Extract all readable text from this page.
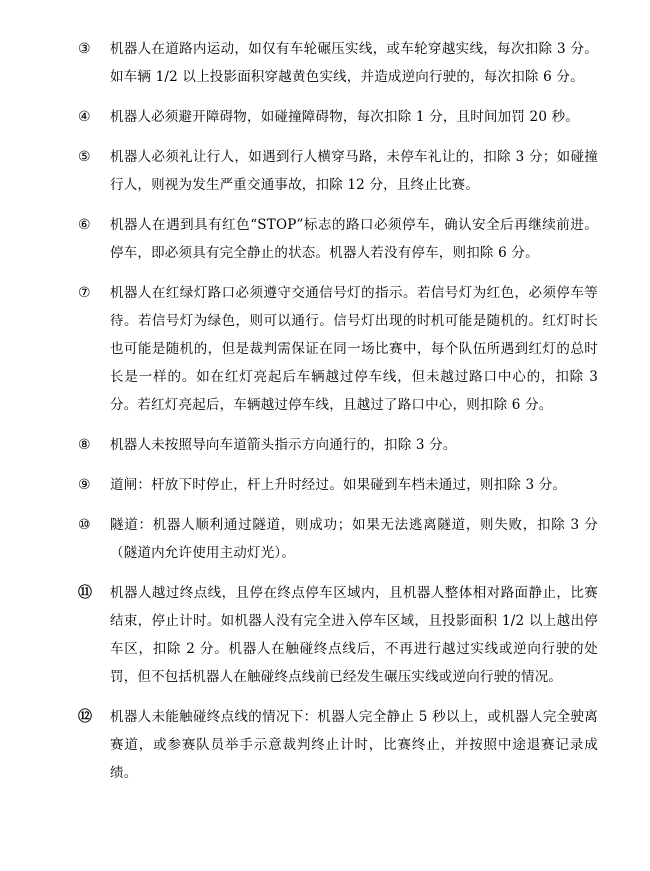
③	机器人在道路内运动，如仅有车轮碾压实线，或车轮穿越实线，每次扣除 3 分。如车辆 1/2 以上投影面积穿越黄色实线，并造成逆向行驶的，每次扣除 6 分。
④	机器人必须避开障碍物，如碰撞障碍物，每次扣除 1 分，且时间加罚 20 秒。
⑤	机器人必须礼让行人，如遇到行人横穿马路，未停车礼让的，扣除 3 分；如碰撞行人，则视为发生严重交通事故，扣除 12 分，且终止比赛。
⑥	机器人在遇到具有红色“STOP”标志的路口必须停车，确认安全后再继续前进。停车，即必须具有完全静止的状态。机器人若没有停车，则扣除 6 分。
⑦	机器人在红绿灯路口必须遵守交通信号灯的指示。若信号灯为红色，必须停车等待。若信号灯为绿色，则可以通行。信号灯出现的时机可能是随机的。红灯时长也可能是随机的，但是裁判需保证在同一场比赛中，每个队伍所遇到红灯的总时长是一样的。如在红灯亮起后车辆越过停车线，但未越过路口中心的，扣除 3 分。若红灯亮起后，车辆越过停车线，且越过了路口中心，则扣除 6 分。
⑧	机器人未按照导向车道箭头指示方向通行的，扣除 3 分。
⑨	道闸：杆放下时停止，杆上升时经过。如果碰到车档未通过，则扣除 3 分。
⑩	隧道：机器人顺利通过隧道，则成功；如果无法逃离隧道，则失败，扣除 3 分（隧道内允许使用主动灯光）。
⑪	机器人越过终点线，且停在终点停车区域内，且机器人整体相对路面静止，比赛结束，停止计时。如机器人没有完全进入停车区域，且投影面积 1/2 以上越出停车区，扣除 2 分。机器人在触碰终点线后，不再进行越过实线或逆向行驶的处罚，但不包括机器人在触碰终点线前已经发生碾压实线或逆向行驶的情况。
⑫	机器人未能触碰终点线的情况下：机器人完全静止 5 秒以上，或机器人完全驶离赛道，或参赛队员举手示意裁判终止计时，比赛终止，并按照中途退赛记录成绩。
